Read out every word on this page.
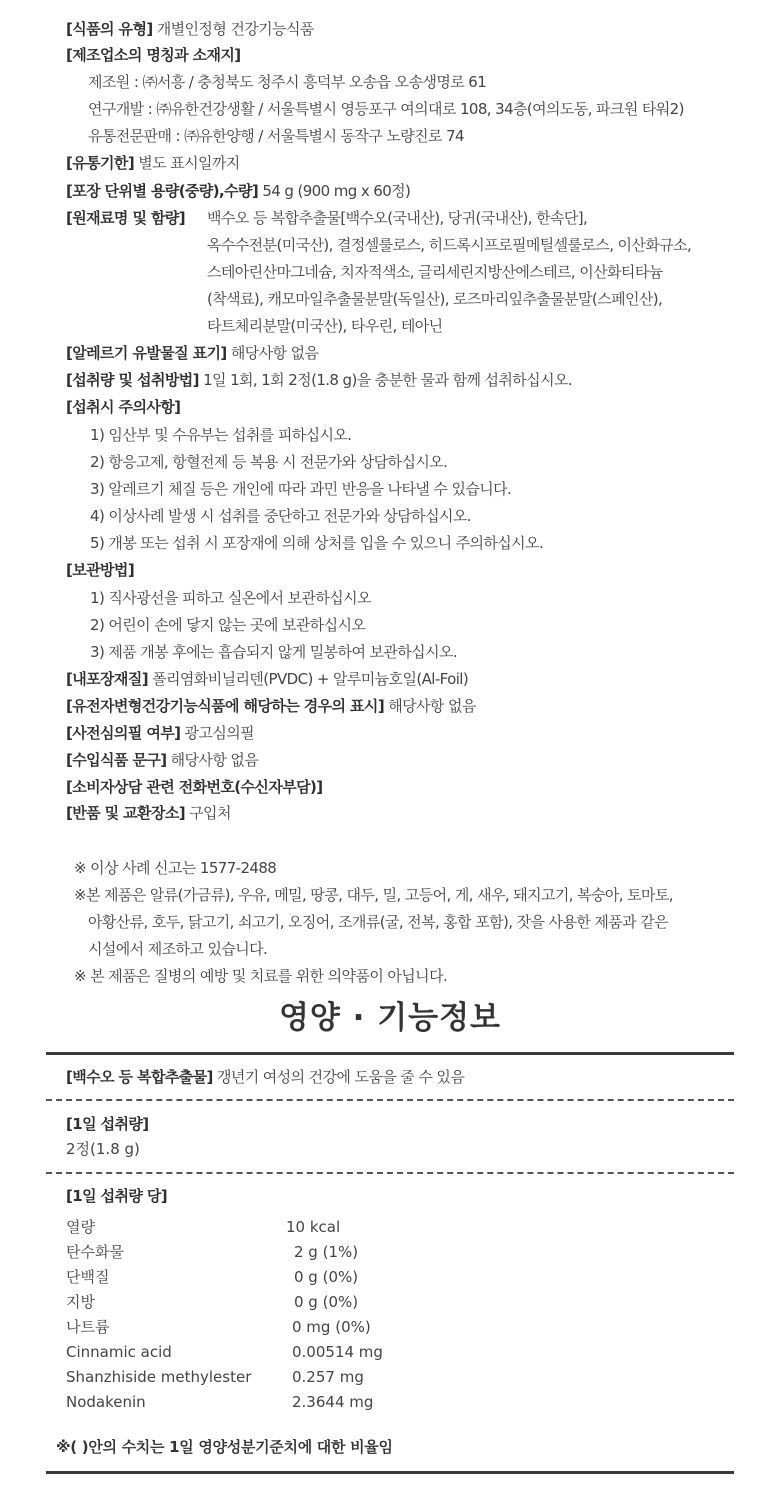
[식품의 유형] 개별인정형 건강기능식품
[제조업소의 명칭과 소재지]
제조원 : ㈜서흥 / 충청북도 청주시 흥덕부 오송읍 오송생명로 61
연구개발 : ㈜유한건강생활 / 서울특별시 영등포구 여의대로 108, 34층(여의도동, 파크원 타워2)
유통전문판매 : ㈜유한양행 / 서울특별시 동작구 노량진로 74
[유통기한] 별도 표시일까지
[포장 단위별 용량(중량),수량] 54 g (900 mg x 60정)
[원재료명 및 함량] 백수오 등 복합추출물[백수오(국내산), 당귀(국내산), 한속단],
옥수수전분(미국산), 결정셀룰로스, 히드록시프로필메틸셀룰로스, 이산화규소,
스테아린산마그네슘, 치자적색소, 글리세린지방산에스테르, 이산화티타늄
(착색료), 캐모마일추출물분말(독일산), 로즈마리잎추출물분말(스페인산),
타트체리분말(미국산), 타우린, 테아닌
[알레르기 유발물질 표기] 해당사항 없음
[섭취량 및 섭취방법] 1일 1회, 1회 2정(1.8 g)을 충분한 물과 함께 섭취하십시오.
[섭취시 주의사항]
1) 임산부 및 수유부는 섭취를 피하십시오.
2) 항응고제, 항혈전제 등 복용 시 전문가와 상담하십시오.
3) 알레르기 체질 등은 개인에 따라 과민 반응을 나타낼 수 있습니다.
4) 이상사례 발생 시 섭취를 중단하고 전문가와 상담하십시오.
5) 개봉 또는 섭취 시 포장재에 의해 상처를 입을 수 있으니 주의하십시오.
[보관방법]
1) 직사광선을 피하고 실온에서 보관하십시오
2) 어린이 손에 닿지 않는 곳에 보관하십시오
3) 제품 개봉 후에는 흡습되지 않게 밀봉하여 보관하십시오.
[내포장재질] 폴리염화비닐리덴(PVDC) + 알루미늄호일(Al-Foil)
[유전자변형건강기능식품에 해당하는 경우의 표시] 해당사항 없음
[사전심의필 여부] 광고심의필
[수입식품 문구] 해당사항 없음
[소비자상담 관련 전화번호(수신자부담)]
[반품 및 교환장소] 구입처
※ 이상 사례 신고는 1577-2488
※본 제품은 알류(가금류), 우유, 메밀, 땅콩, 대두, 밀, 고등어, 게, 새우, 돼지고기, 복숭아, 토마토,
아황산류, 호두, 닭고기, 쇠고기, 오징어, 조개류(굴, 전복, 홍합 포함), 잣을 사용한 제품과 같은
시설에서 제조하고 있습니다.
※ 본 제품은 질병의 예방 및 치료를 위한 의약품이 아닙니다.
영양 · 기능정보
[백수오 등 복합추출물] 갱년기 여성의 건강에 도움을 줄 수 있음
[1일 섭취량]
2정(1.8 g)
[1일 섭취량 당]
열량	10 kcal
탄수화물	2 g (1%)
단백질	0 g (0%)
지방	0 g (0%)
나트륨	0 mg (0%)
Cinnamic acid	0.00514 mg
Shanzhiside methylester	0.257 mg
Nodakenin	2.3644 mg
※( )안의 수치는 1일 영양성분기준치에 대한 비율임
